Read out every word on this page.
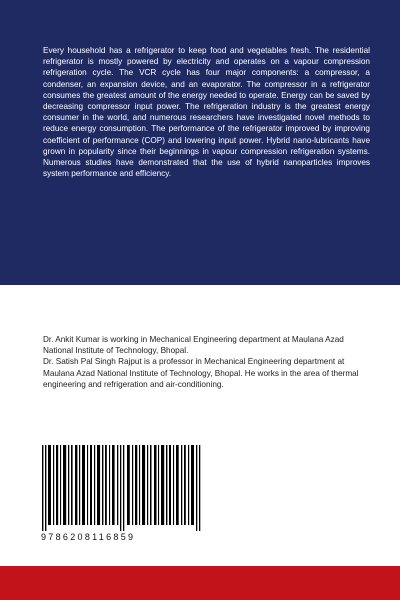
Every household has a refrigerator to keep food and vegetables fresh. The residential refrigerator is mostly powered by electricity and operates on a vapour compression refrigeration cycle. The VCR cycle has four major components: a compressor, a condenser, an expansion device, and an evaporator. The compressor in a refrigerator consumes the greatest amount of the energy needed to operate. Energy can be saved by decreasing compressor input power. The refrigeration industry is the greatest energy consumer in the world, and numerous researchers have investigated novel methods to reduce energy consumption. The performance of the refrigerator improved by improving coefficient of performance (COP) and lowering input power. Hybrid nano-lubricants have grown in popularity since their beginnings in vapour compression refrigeration systems. Numerous studies have demonstrated that the use of hybrid nanoparticles improves system performance and efficiency.

Dr. Ankit Kumar is working in Mechanical Engineering department at Maulana Azad National Institute of Technology, Bhopal.

Dr. Satish Pal Singh Rajput is a professor in Mechanical Engineering department at Maulana Azad National Institute of Technology, Bhopal. He works in the area of thermal engineering and refrigeration and air-conditioning.

9786208116859
